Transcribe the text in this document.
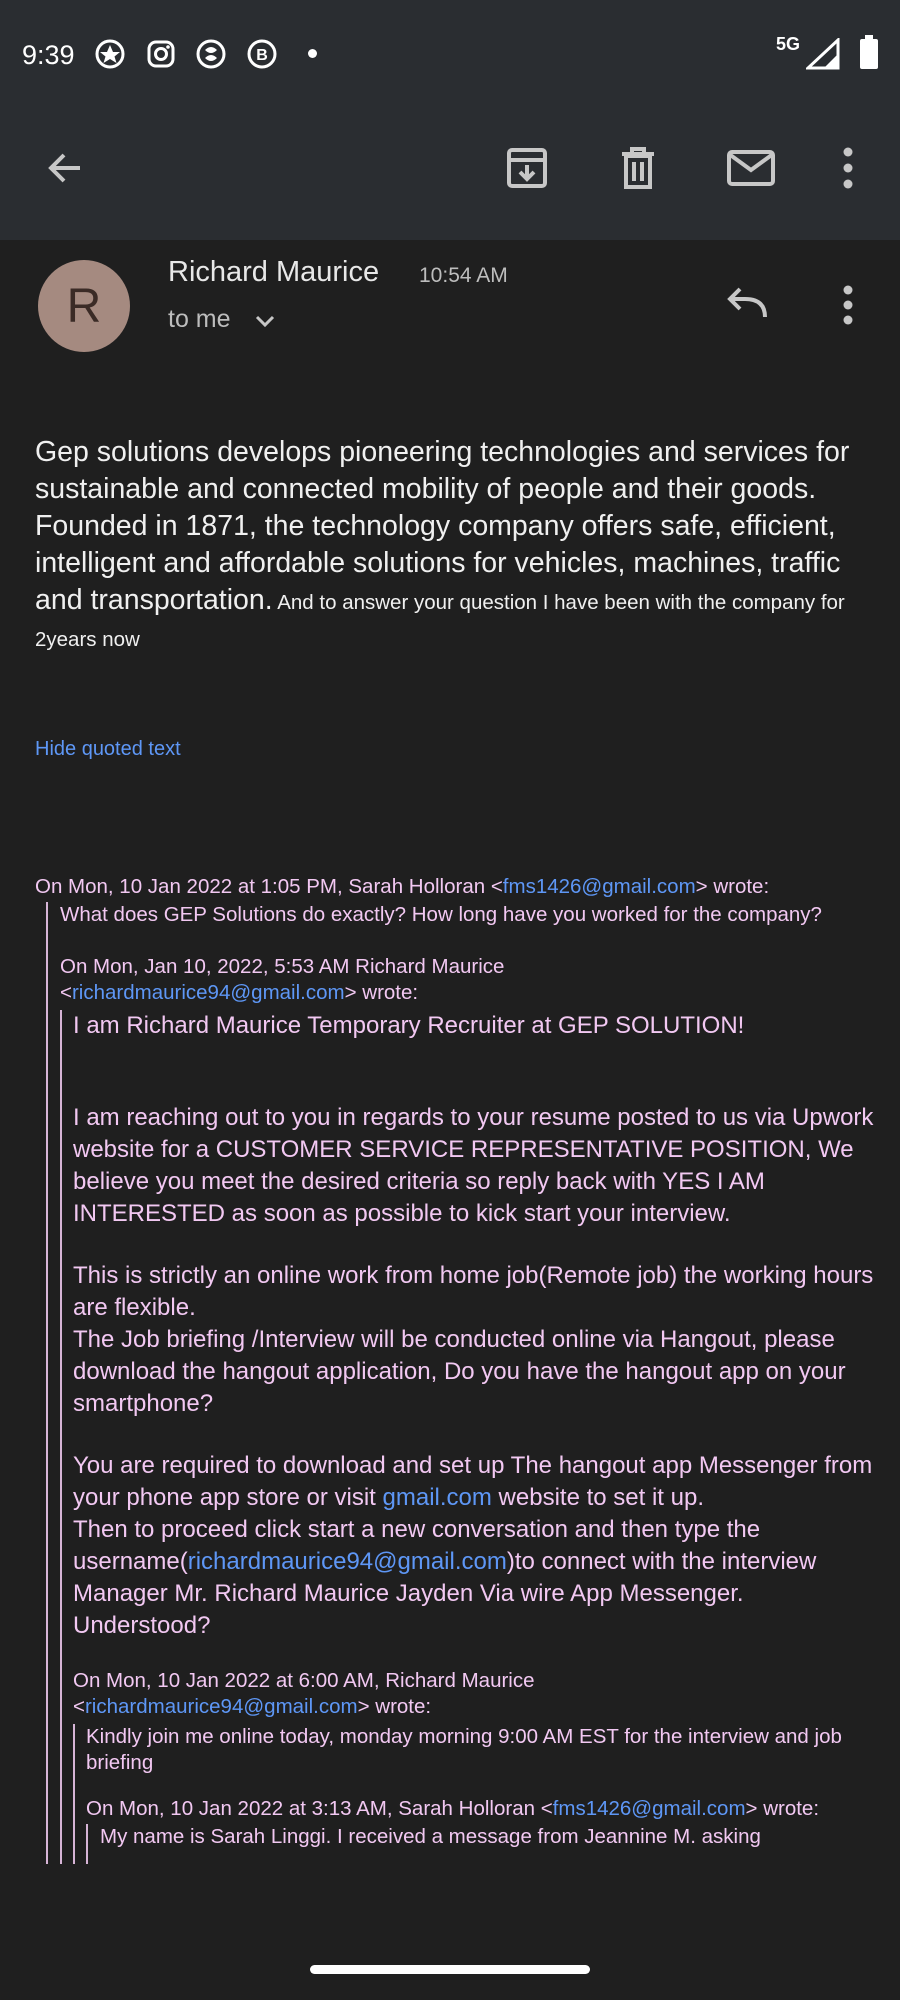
9:39	B
5G
R
Richard Maurice 10:54 AM
to me
Gep solutions develops pioneering technologies and services for sustainable and connected mobility of people and their goods. Founded in 1871, the technology company offers safe, efficient, intelligent and affordable solutions for vehicles, machines, traffic and transportation. And to answer your question I have been with the company for 2years now
Hide quoted text
On Mon, 10 Jan 2022 at 1:05 PM, Sarah Holloran <fms1426@gmail.com> wrote:
What does GEP Solutions do exactly? How long have you worked for the company?
On Mon, Jan 10, 2022, 5:53 AM Richard Maurice
<richardmaurice94@gmail.com> wrote:

I am Richard Maurice Temporary Recruiter at GEP SOLUTION!

I am reaching out to you in regards to your resume posted to us via Upwork website for a CUSTOMER SERVICE REPRESENTATIVE POSITION, We believe you meet the desired criteria so reply back with YES I AM INTERESTED as soon as possible to kick start your interview.

This is strictly an online work from home job(Remote job) the working hours are flexible.

The Job briefing /Interview will be conducted online via Hangout, please download the hangout application, Do you have the hangout app on your smartphone?

You are required to download and set up The hangout app Messenger from your phone app store or visit gmail.com website to set it up.

Then to proceed click start a new conversation and then type the username(richardmaurice94@gmail.com)to connect with the interview Manager Mr. Richard Maurice Jayden Via wire App Messenger. Understood?

On Mon, 10 Jan 2022 at 6:00 AM, Richard Maurice
<richardmaurice94@gmail.com> wrote:
Kindly join me online today, monday morning 9:00 AM EST for the interview and job briefing
On Mon, 10 Jan 2022 at 3:13 AM, Sarah Holloran <fms1426@gmail.com> wrote:
My name is Sarah Linggi. I received a message from Jeannine M. asking
